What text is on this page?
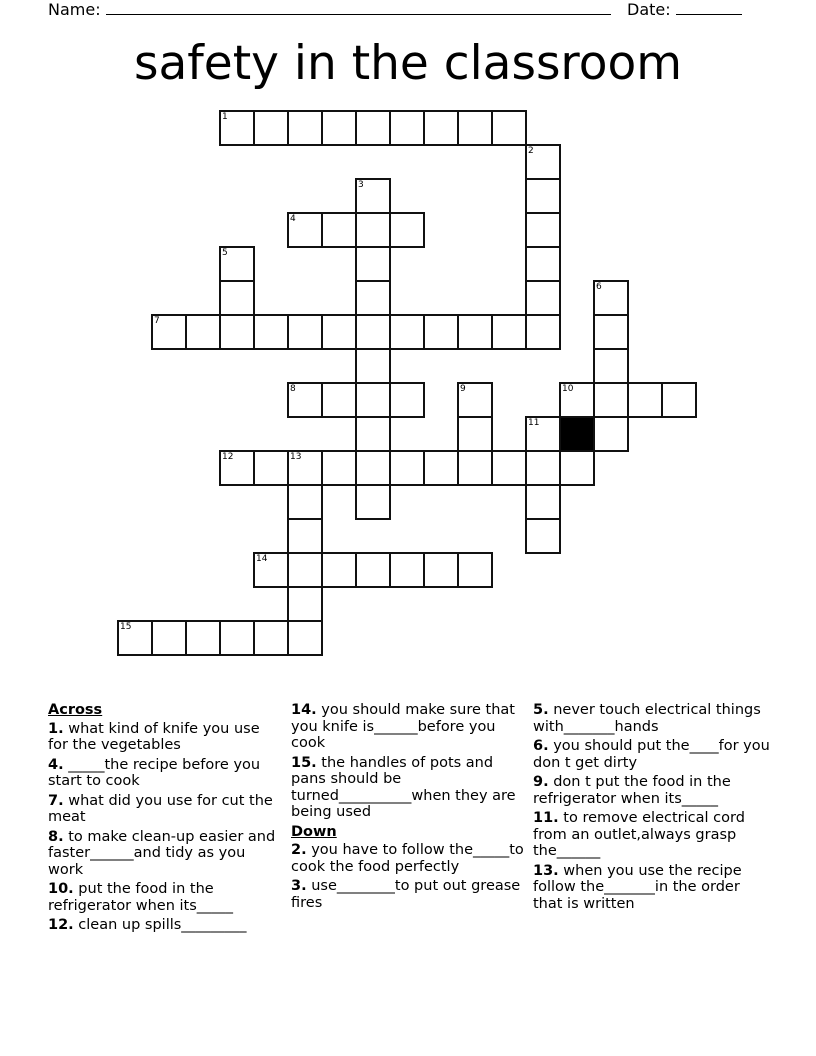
Name:	Date:
safety in the classroom
1
2
3
4
5
6
7
8	9	10
11
12	13
14
15
Across
1. what kind of knife you use for the vegetables
4. _____the recipe before you start to cook
7. what did you use for cut the meat
8. to make clean-up easier and faster______and tidy as you work
10. put the food in the refrigerator when its_____
12. clean up spills_________
14. you should make sure that you knife is______before you cook
15. the handles of pots and pans should be turned__________when they are being used
Down
2. you have to follow the_____to cook the food perfectly
3. use________to put out grease fires
5. never touch electrical things with_______hands
6. you should put the____for you don t get dirty
9. don t put the food in the refrigerator when its_____
11. to remove electrical cord from an outlet,always grasp the______
13. when you use the recipe follow the_______in the order that is written
